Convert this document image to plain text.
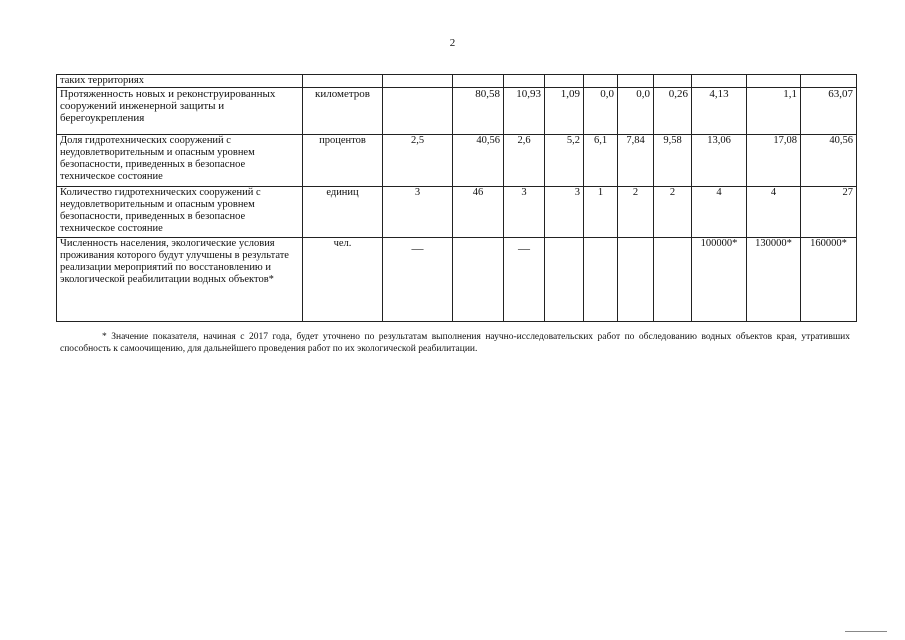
2
таких территориях											
Протяженность новых и реконструированных сооружений инженерной защиты и берегоукрепления	километров		80,58	10,93	1,09	0,0	0,0	0,26	4,13	1,1	63,07
Доля гидротехнических сооружений с неудовлетворительным и опасным уровнем безопасности, приведенных в безопасное техническое состояние	процентов	2,5	40,56	2,6	5,2	6,1	7,84	9,58	13,06	17,08	40,56
Количество гидротехнических сооружений с неудовлетворительным и опасным уровнем безопасности, приведенных в безопасное техническое состояние	единиц	3	46	3	3	1	2	2	4	4	27
Численность населения, экологические условия проживания которого будут улучшены в результате реализации мероприятий по восстановлению и экологической реабилитации водных объектов*	чел.	—		—					100000*	130000*	160000*
* Значение показателя, начиная с 2017 года, будет уточнено по результатам выполнения научно-исследовательских работ по обследованию водных объектов края, утративших способность к самоочищению, для дальнейшего проведения работ по их экологической реабилитации.
